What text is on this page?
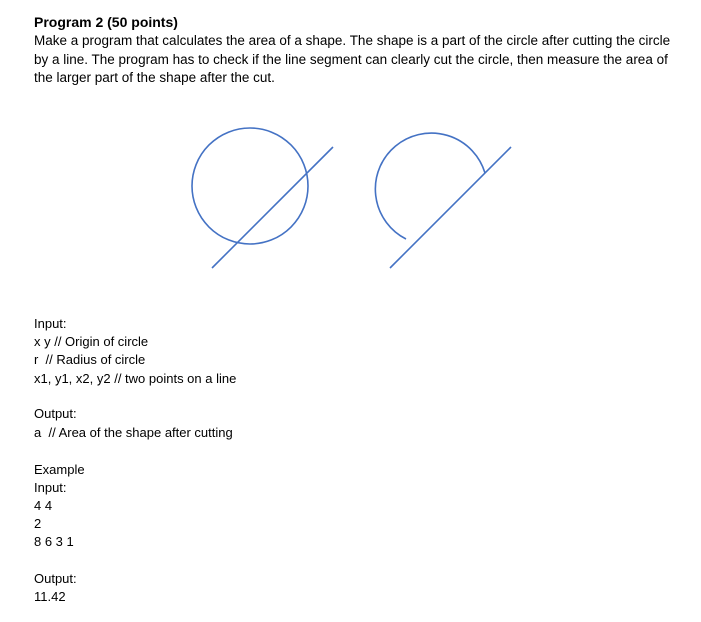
Program 2 (50 points)

Make a program that calculates the area of a shape. The shape is a part of the circle after cutting the circle by a line. The program has to check if the line segment can clearly cut the circle, then measure the area of the larger part of the shape after the cut.

Input:

x y // Origin of circle

r  // Radius of circle

x1, y1, x2, y2 // two points on a line

Output:

a  // Area of the shape after cutting

Example

Input:

4 4

2

8 6 3 1

Output:

11.42
